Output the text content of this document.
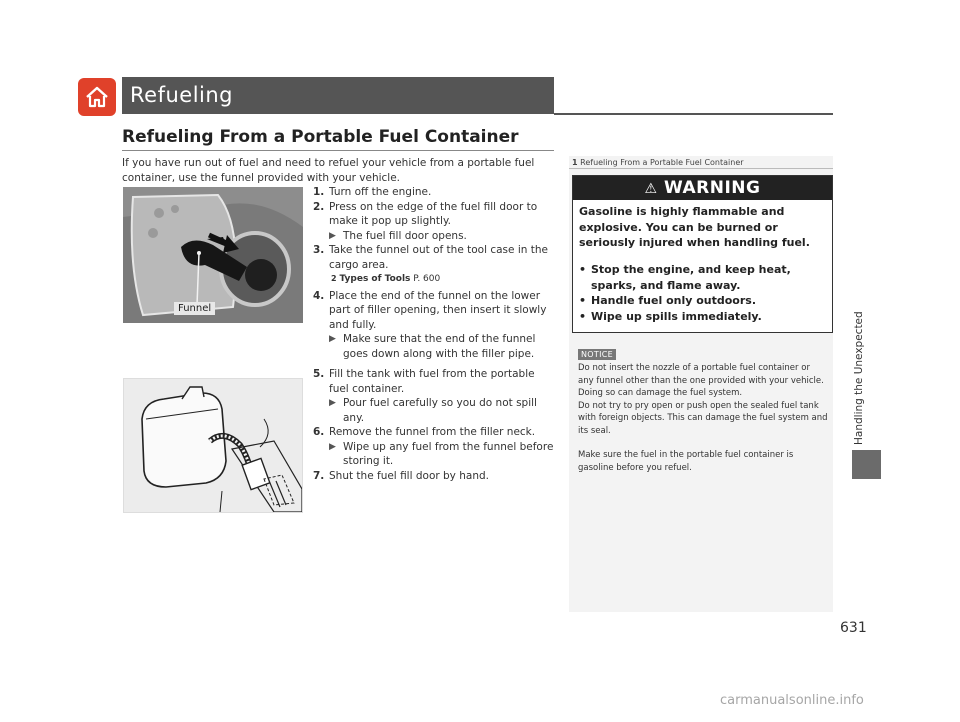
Refueling
Refueling From a Portable Fuel Container
If you have run out of fuel and need to refuel your vehicle from a portable fuel container, use the funnel provided with your vehicle.
Funnel
1. Turn off the engine.
2. Press on the edge of the fuel fill door to make it pop up slightly.
▶ The fuel fill door opens.
3. Take the funnel out of the tool case in the cargo area.
2 Types of Tools P. 600
4. Place the end of the funnel on the lower part of filler opening, then insert it slowly and fully.
▶ Make sure that the end of the funnel goes down along with the filler pipe.
5. Fill the tank with fuel from the portable fuel container.
▶ Pour fuel carefully so you do not spill any.
6. Remove the funnel from the filler neck.
▶ Wipe up any fuel from the funnel before storing it.
7. Shut the fuel fill door by hand.
1 Refueling From a Portable Fuel Container
⚠ WARNING
Gasoline is highly flammable and explosive. You can be burned or seriously injured when handling fuel.
• Stop the engine, and keep heat, sparks, and flame away.
• Handle fuel only outdoors.
• Wipe up spills immediately.
NOTICE

Do not insert the nozzle of a portable fuel container or any funnel other than the one provided with your vehicle. Doing so can damage the fuel system.

Do not try to pry open or push open the sealed fuel tank with foreign objects. This can damage the fuel system and its seal.

Make sure the fuel in the portable fuel container is gasoline before you refuel.

Handling the Unexpected
631
carmanualsonline.info
